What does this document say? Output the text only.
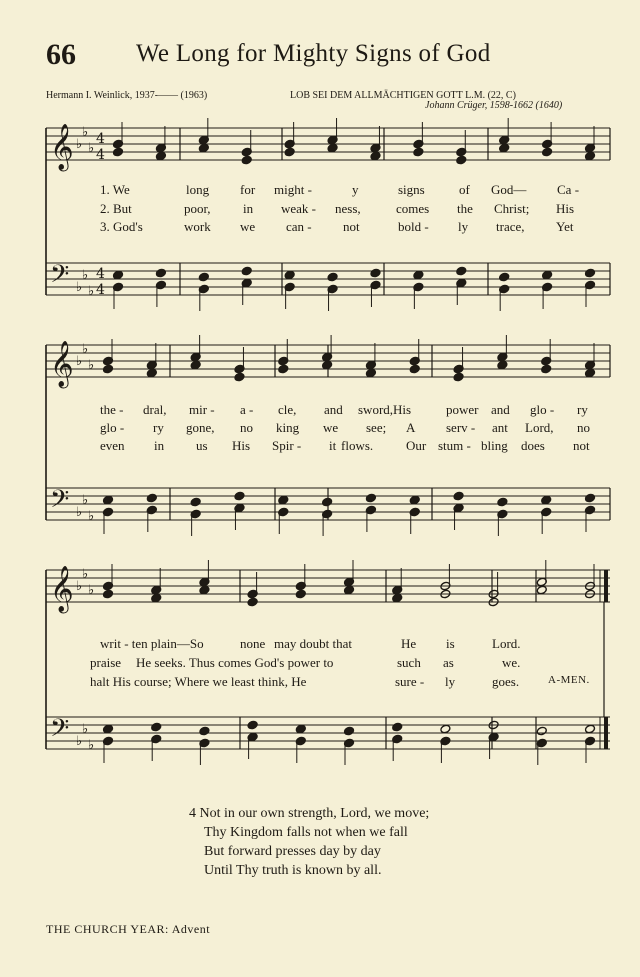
66 We Long for Mighty Signs of God
Hermann I. Weinlick, 1937-—— (1963)	LOB SEI DEM ALLMÄCHTIGEN GOTT L.M. (22, C)
Johann Crüger, 1598-1662 (1640)
𝄞 ♭
♭
♭
4
4
𝄢 ♭
♭
♭
4
4
𝄞 ♭
♭
♭
𝄢 ♭
♭
♭
𝄞 ♭
♭
♭
𝄢 ♭
♭
♭
1. We	long for might -	y	signs	of God— Ca -
2. But	poor, in weak - ness,	comes the Christ; His
3. God's	work we can - not	bold - ly trace, Yet
the - dral, mir - a - cle, and sword,His	power and glo - ry
glo - ry gone, no king we see; A serv - ant Lord, no
even in us His Spir - it flows.	Our stum - bling does not
writ - ten plain—So	none may doubt that	He is	Lord.
praise He seeks. Thus comes God's power to	such as	we.
halt His course; Where we least think, He	sure - ly	goes.	A-MEN.
4 Not in our own strength, Lord, we move;
Thy Kingdom falls not when we fall
But forward presses day by day
Until Thy truth is known by all.
THE CHURCH YEAR: Advent
